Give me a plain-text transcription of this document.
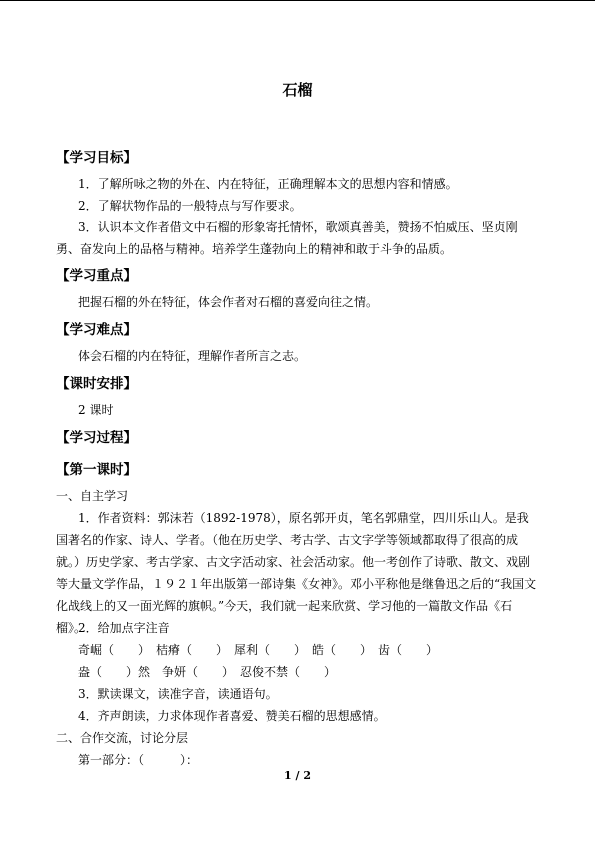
石榴
【学习目标】
1．了解所咏之物的外在、内在特征，正确理解本文的思想内容和情感。
2．了解状物作品的一般特点与写作要求。
3．认识本文作者借文中石榴的形象寄托情怀，歌颂真善美，赞扬不怕威压、坚贞刚勇、奋发向上的品格与精神。培养学生蓬勃向上的精神和敢于斗争的品质。
【学习重点】
把握石榴的外在特征，体会作者对石榴的喜爱向往之情。
【学习难点】
体会石榴的内在特征，理解作者所言之志。
【课时安排】
2 课时
【学习过程】
【第一课时】
一、自主学习
1．作者资料：郭沫若（1892-1978），原名郭开贞，笔名郭鼎堂，四川乐山人。是我国著名的作家、诗人、学者。（他在历史学、考古学、古文字学等领域都取得了很高的成就。）历史学家、考古学家、古文字活动家、社会活动家。他一考创作了诗歌、散文、戏剧等大量文学作品，１９２１年出版第一部诗集《女神》。邓小平称他是继鲁迅之后的“我国文化战线上的又一面光辉的旗帜。”今天，我们就一起来欣赏、学习他的一篇散文作品《石榴》。
2．给加点字注音
奇崛（　　）　桔瘠（　　）　犀利（　　）　皓（　　）　齿（　　）
盎（　　）然　争妍（　　）　忍俊不禁（　　）
3．默读课文，读准字音，读通语句。
4．齐声朗读，力求体现作者喜爱、赞美石榴的思想感情。
二、合作交流，讨论分层
第一部分：（　　　）：
1 / 2
